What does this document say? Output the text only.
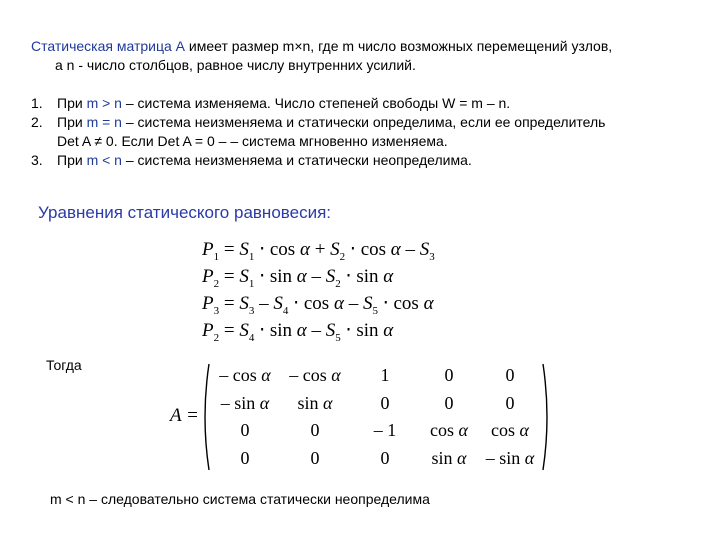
Статическая матрица А имеет размер m×n, где m число возможных перемещений узлов,
а n - число столбцов, равное числу внутренних усилий.
1. При m > n – система изменяема. Число степеней свободы W = m – n.
2. При m = n – система неизменяема и статически определима, если ее определитель
Det A ≠ 0. Если Det A = 0 – – система мгновенно изменяема.
3. При m < n – система неизменяема и статически неопределима.
Уравнения статического равновесия:
$P_1 = S_1 \cdot \cos \alpha + S_2 \cdot \cos \alpha - S_3$
$P_2 = S_1 \cdot \sin \alpha - S_2 \cdot \sin \alpha$
$P_3 = S_3 - S_4 \cdot \cos \alpha - S_5 \cdot \cos \alpha$
$P_2 = S_4 \cdot \sin \alpha - S_5 \cdot \sin \alpha$
Тогда
A =
– cos α	– cos α	1	0	0
– sin α	sin α	0	0	0
0	0	– 1	cos α	cos α
0	0	0	sin α	– sin α
m < n – следовательно система статически неопределима
